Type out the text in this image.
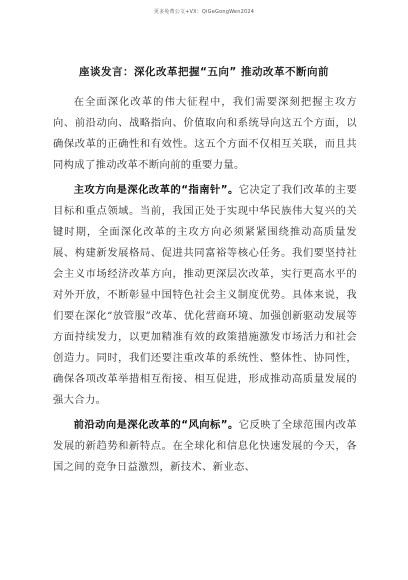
更多免费公文+VX：QiGeGongWen2024
座谈发言：深化改革把握“五向” 推动改革不断向前

在全面深化改革的伟大征程中，我们需要深刻把握主攻方向、前沿动向、战略指向、价值取向和系统导向这五个方面，以确保改革的正确性和有效性。这五个方面不仅相互关联，而且共同构成了推动改革不断向前的重要力量。

主攻方向是深化改革的“指南针”。它决定了我们改革的主要目标和重点领域。当前，我国正处于实现中华民族伟大复兴的关键时期，全面深化改革的主攻方向必须紧紧围绕推动高质量发展、构建新发展格局、促进共同富裕等核心任务。我们要坚持社会主义市场经济改革方向，推动更深层次改革，实行更高水平的对外开放，不断彰显中国特色社会主义制度优势。具体来说，我们要在深化“放管服”改革、优化营商环境、加强创新驱动发展等方面持续发力，以更加精准有效的政策措施激发市场活力和社会创造力。同时，我们还要注重改革的系统性、整体性、协同性，确保各项改革举措相互衔接、相互促进，形成推动高质量发展的强大合力。

前沿动向是深化改革的“风向标”。它反映了全球范围内改革发展的新趋势和新特点。在全球化和信息化快速发展的今天，各国之间的竞争日益激烈，新技术、新业态、
